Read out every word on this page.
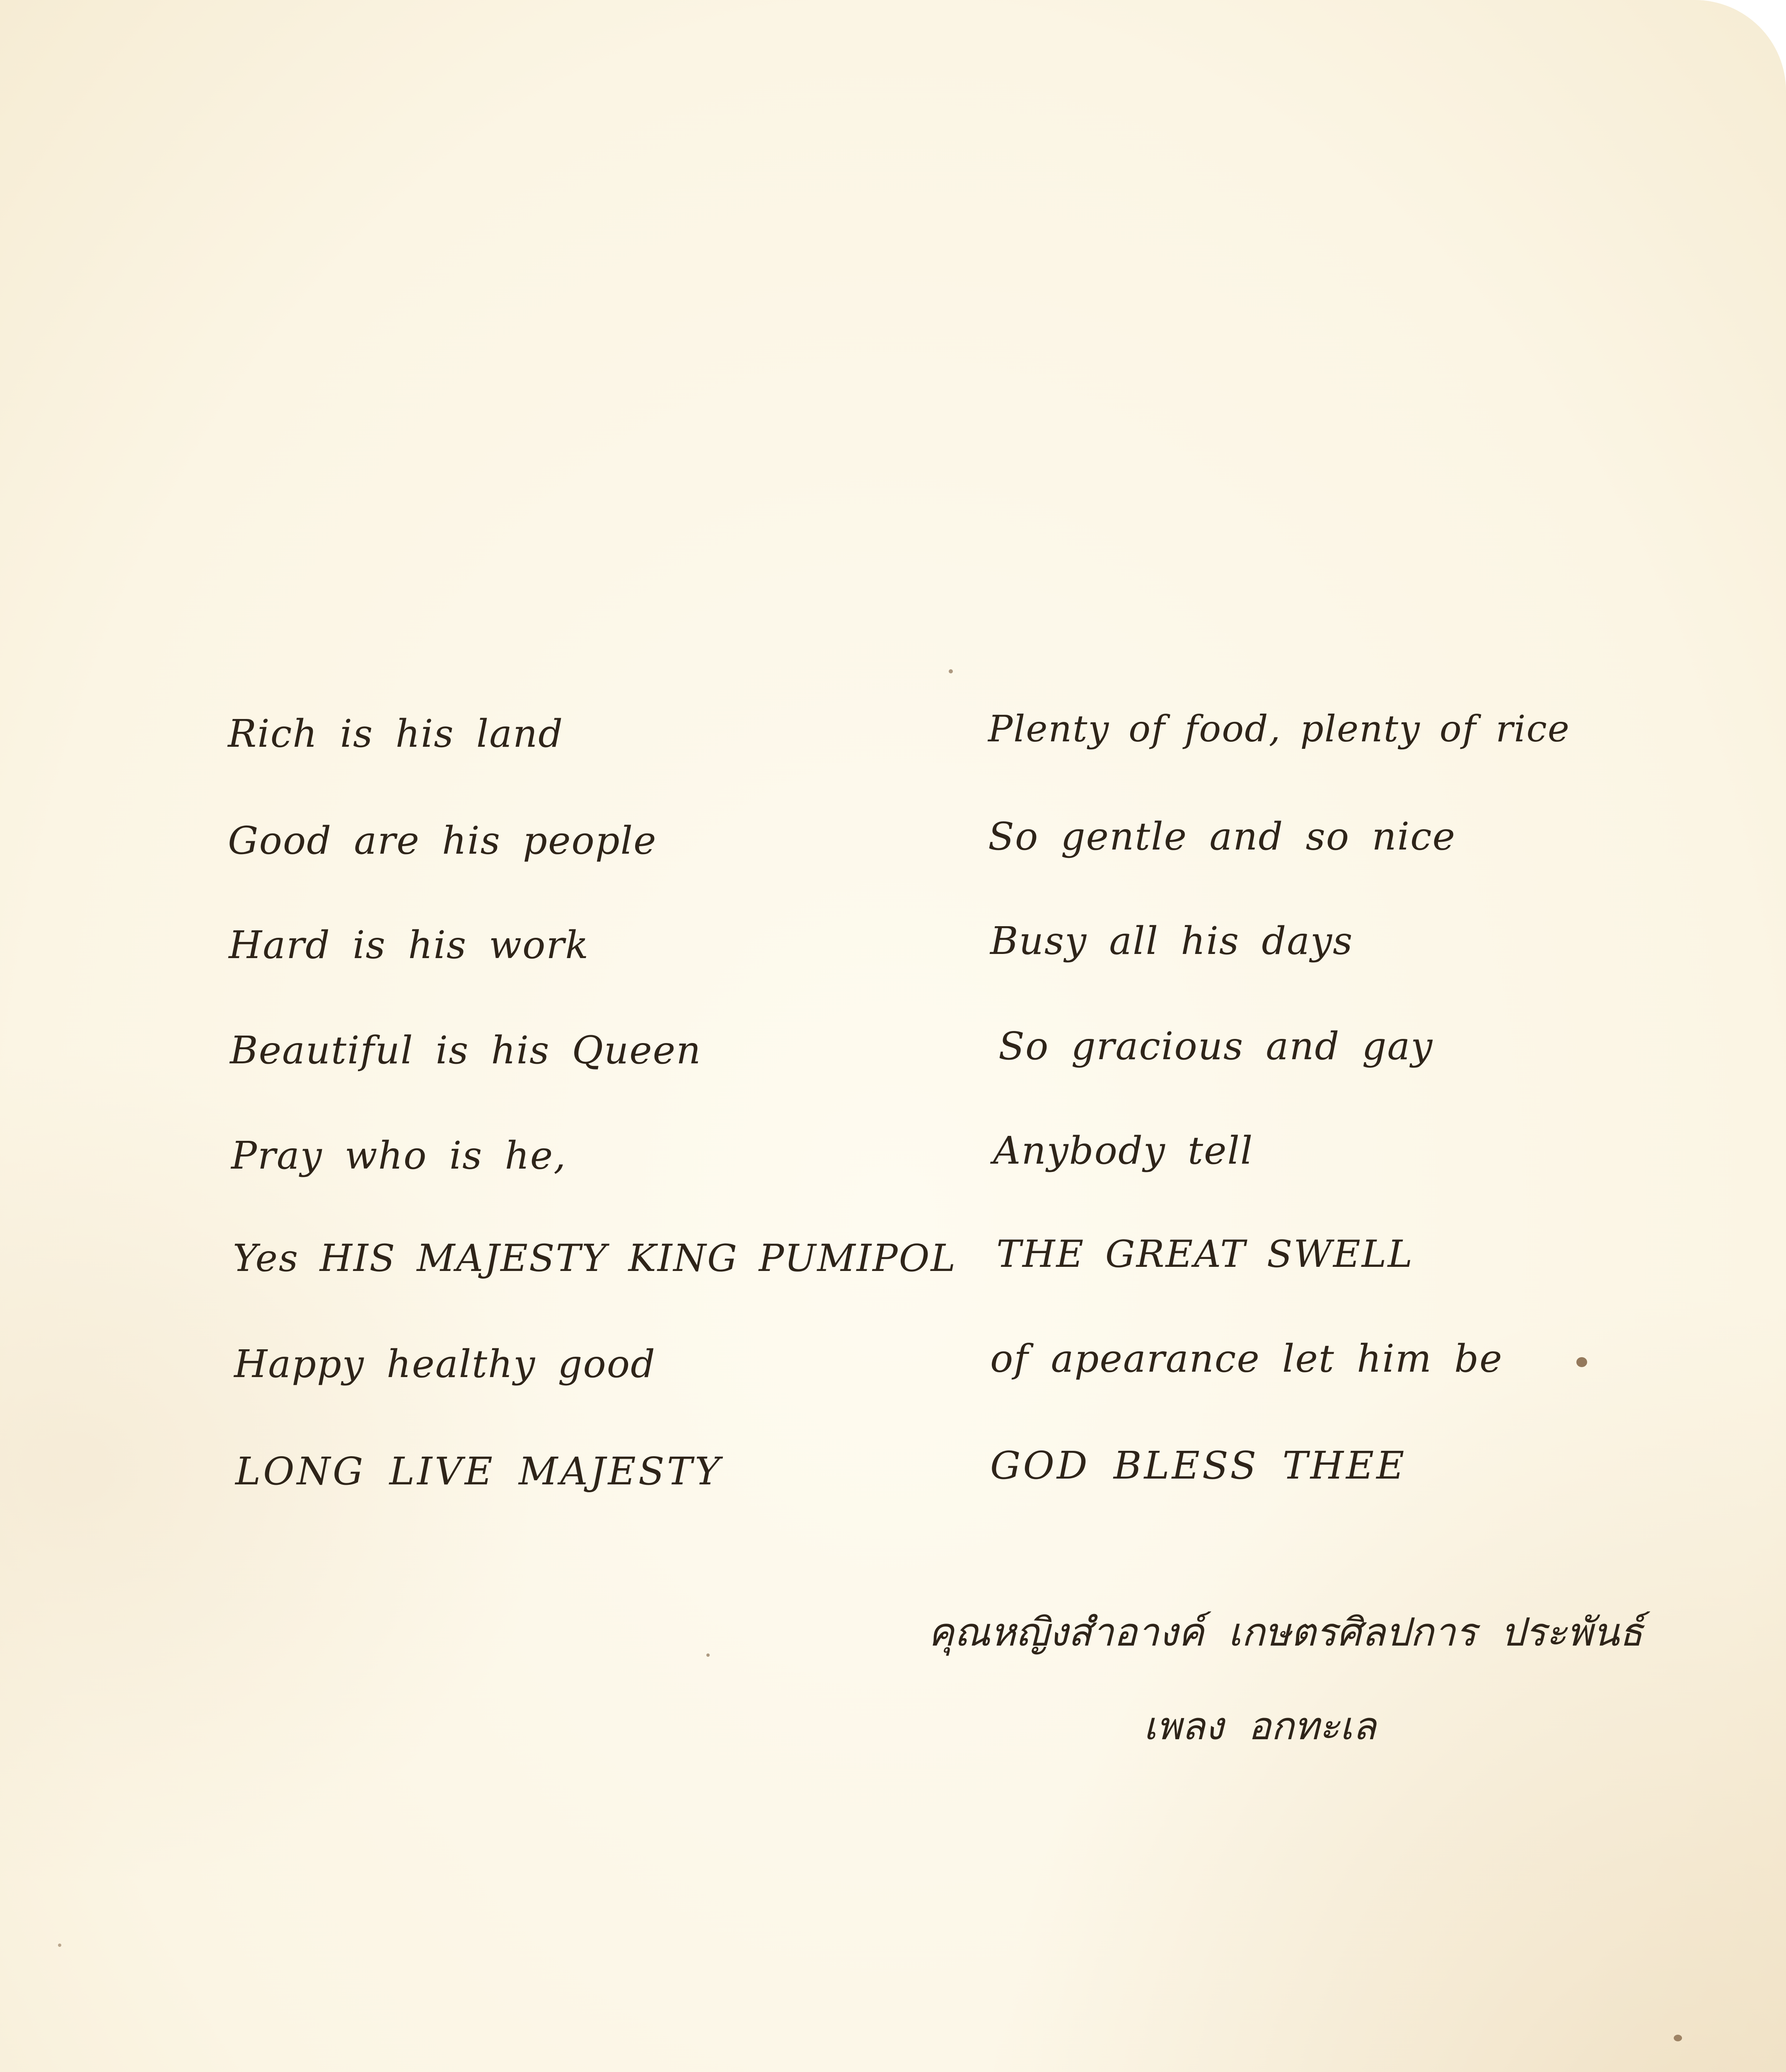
Rich is his land
Good are his people
Hard is his work
Beautiful is his Queen
Pray who is he,
Yes HIS MAJESTY KING PUMIPOL
Happy healthy good
LONG LIVE MAJESTY
Plenty of food, plenty of rice
So gentle and so nice
Busy all his days
So gracious and gay
Anybody tell
THE GREAT SWELL
of apearance let him be
GOD BLESS THEE
คุณหญิงสำอางค์ เกษตรศิลปการ ประพันธ์
เพลง อกทะเล
